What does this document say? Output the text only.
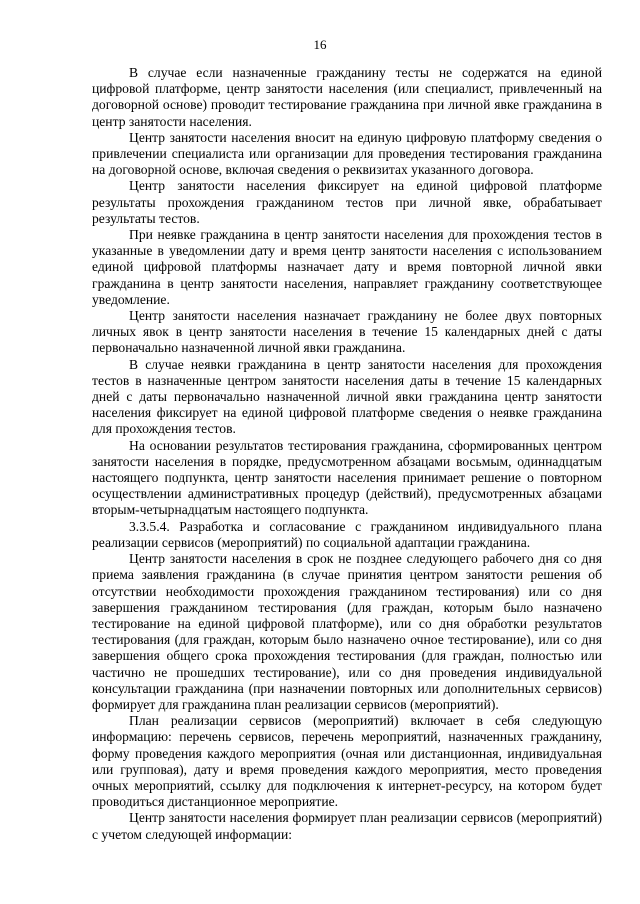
16

В случае если назначенные гражданину тесты не содержатся на единой цифровой платформе, центр занятости населения (или специалист, привлеченный на договорной основе) проводит тестирование гражданина при личной явке гражданина в центр занятости населения.

Центр занятости населения вносит на единую цифровую платформу сведения о привлечении специалиста или организации для проведения тестирования гражданина на договорной основе, включая сведения о реквизитах указанного договора.

Центр занятости населения фиксирует на единой цифровой платформе результаты прохождения гражданином тестов при личной явке, обрабатывает результаты тестов.

При неявке гражданина в центр занятости населения для прохождения тестов в указанные в уведомлении дату и время центр занятости населения с использованием единой цифровой платформы назначает дату и время повторной личной явки гражданина в центр занятости населения, направляет гражданину соответствующее уведомление.

Центр занятости населения назначает гражданину не более двух повторных личных явок в центр занятости населения в течение 15 календарных дней с даты первоначально назначенной личной явки гражданина.

В случае неявки гражданина в центр занятости населения для прохождения тестов в назначенные центром занятости населения даты в течение 15 календарных дней с даты первоначально назначенной личной явки гражданина центр занятости населения фиксирует на единой цифровой платформе сведения о неявке гражданина для прохождения тестов.

На основании результатов тестирования гражданина, сформированных центром занятости населения в порядке, предусмотренном абзацами восьмым, одиннадцатым настоящего подпункта, центр занятости населения принимает решение о повторном осуществлении административных процедур (действий), предусмотренных абзацами вторым-четырнадцатым настоящего подпункта.

3.3.5.4. Разработка и согласование с гражданином индивидуального плана реализации сервисов (мероприятий) по социальной адаптации гражданина.

Центр занятости населения в срок не позднее следующего рабочего дня со дня приема заявления гражданина (в случае принятия центром занятости решения об отсутствии необходимости прохождения гражданином тестирования) или со дня завершения гражданином тестирования (для граждан, которым было назначено тестирование на единой цифровой платформе), или со дня обработки результатов тестирования (для граждан, которым было назначено очное тестирование), или со дня завершения общего срока прохождения тестирования (для граждан, полностью или частично не прошедших тестирование), или со дня проведения индивидуальной консультации гражданина (при назначении повторных или дополнительных сервисов) формирует для гражданина план реализации сервисов (мероприятий).

План реализации сервисов (мероприятий) включает в себя следующую информацию: перечень сервисов, перечень мероприятий, назначенных гражданину, форму проведения каждого мероприятия (очная или дистанционная, индивидуальная или групповая), дату и время проведения каждого мероприятия, место проведения очных мероприятий, ссылку для подключения к интернет-ресурсу, на котором будет проводиться дистанционное мероприятие.

Центр занятости населения формирует план реализации сервисов (мероприятий) с учетом следующей информации:
